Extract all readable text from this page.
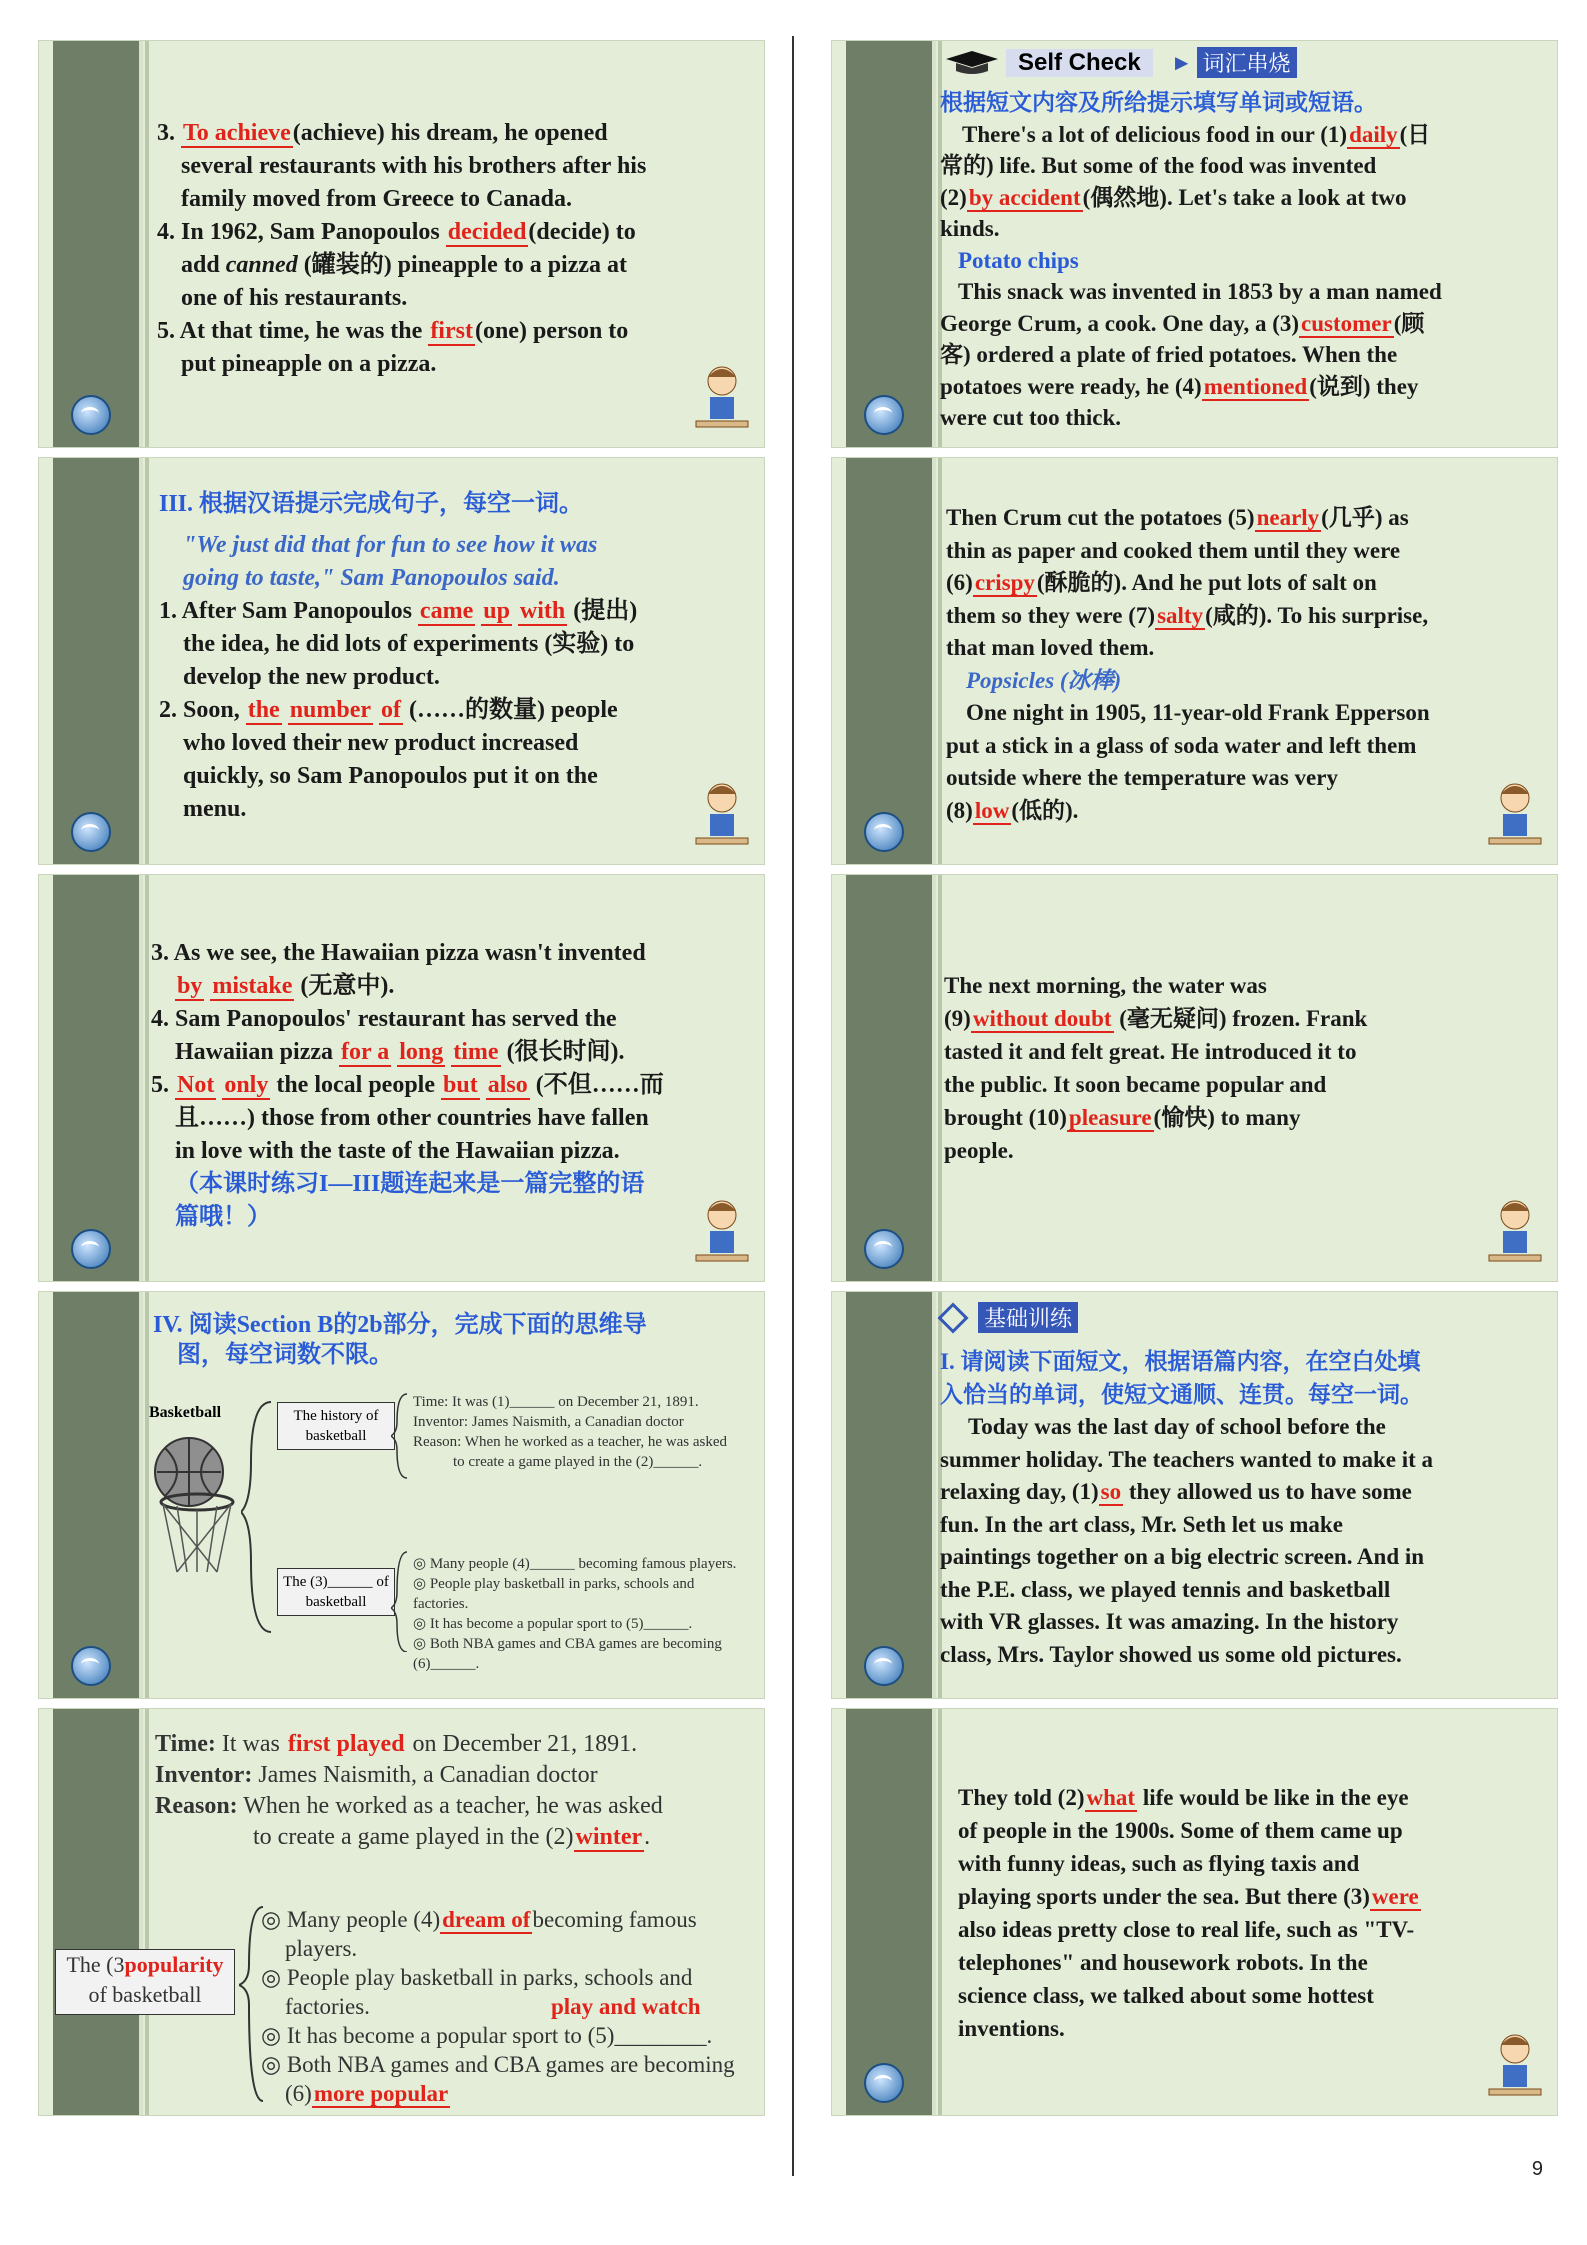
3. To achieve(achieve) his dream, he opened

several restaurants with his brothers after his

family moved from Greece to Canada.

4. In 1962, Sam Panopoulos decided(decide) to

add canned (罐装的) pineapple to a pizza at

one of his restaurants.

5. At that time, he was the first(one) person to

put pineapple on a pizza.

III. 根据汉语提示完成句子，每空一词。

"We just did that for fun to see how it was

going to taste," Sam Panopoulos said.

1. After Sam Panopoulos came up with (提出)

the idea, he did lots of experiments (实验) to

develop the new product.

2. Soon, the number of (……的数量) people

who loved their new product increased

quickly, so Sam Panopoulos put it on the

menu.

3. As we see, the Hawaiian pizza wasn't invented

by mistake (无意中).

4. Sam Panopoulos' restaurant has served the

Hawaiian pizza for a long time (很长时间).

5. Not only the local people but also (不但……而

且……) those from other countries have fallen

in love with the taste of the Hawaiian pizza.

（本课时练习I—III题连起来是一篇完整的语

篇哦！）

IV. 阅读Section B的2b部分，完成下面的思维导

图，每空词数不限。

Basketball	The history of basketball
The (3)______ of basketball
Time: It was (1)______ on December 21, 1891.
Inventor: James Naismith, a Canadian doctor
Reason: When he worked as a teacher, he was asked
to create a game played in the (2)______.
◎ Many people (4)______ becoming famous players.
◎ People play basketball in parks, schools and factories.
◎ It has become a popular sport to (5)______.
◎ Both NBA games and CBA games are becoming (6)______.
Time: It was first played on December 21, 1891.
Inventor: James Naismith, a Canadian doctor
Reason: When he worked as a teacher, he was asked
to create a game played in the (2)winter.
The (3popularity
of basketball
◎ Many people (4)dream ofbecoming famous
players.
◎ People play basketball in parks, schools and
factories.	play and watch
◎ It has become a popular sport to (5)________.
◎ Both NBA games and CBA games are becoming
(6)more popular
Self Check ► 词汇串烧

根据短文内容及所给提示填写单词或短语。

There's a lot of delicious food in our (1)daily(日

常的) life. But some of the food was invented

(2)by accident(偶然地). Let's take a look at two

kinds.

Potato chips

This snack was invented in 1853 by a man named

George Crum, a cook. One day, a (3)customer(顾

客) ordered a plate of fried potatoes. When the

potatoes were ready, he (4)mentioned(说到) they

were cut too thick.

Then Crum cut the potatoes (5)nearly(几乎) as

thin as paper and cooked them until they were

(6)crispy(酥脆的). And he put lots of salt on

them so they were (7)salty(咸的). To his surprise,

that man loved them.

Popsicles (冰棒)

One night in 1905, 11-year-old Frank Epperson

put a stick in a glass of soda water and left them

outside where the temperature was very

(8)low(低的).

The next morning, the water was

(9)without doubt (毫无疑问) frozen. Frank

tasted it and felt great. He introduced it to

the public. It soon became popular and

brought (10)pleasure(愉快) to many

people.

基础训练

I. 请阅读下面短文，根据语篇内容，在空白处填

入恰当的单词，使短文通顺、连贯。每空一词。

Today was the last day of school before the

summer holiday. The teachers wanted to make it a

relaxing day, (1)so they allowed us to have some

fun. In the art class, Mr. Seth let us make

paintings together on a big electric screen. And in

the P.E. class, we played tennis and basketball

with VR glasses. It was amazing. In the history

class, Mrs. Taylor showed us some old pictures.

They told (2)what life would be like in the eye

of people in the 1900s. Some of them came up

with funny ideas, such as flying taxis and

playing sports under the sea. But there (3)were

also ideas pretty close to real life, such as "TV-

telephones" and housework robots. In the

science class, we talked about some hottest

inventions.

9
